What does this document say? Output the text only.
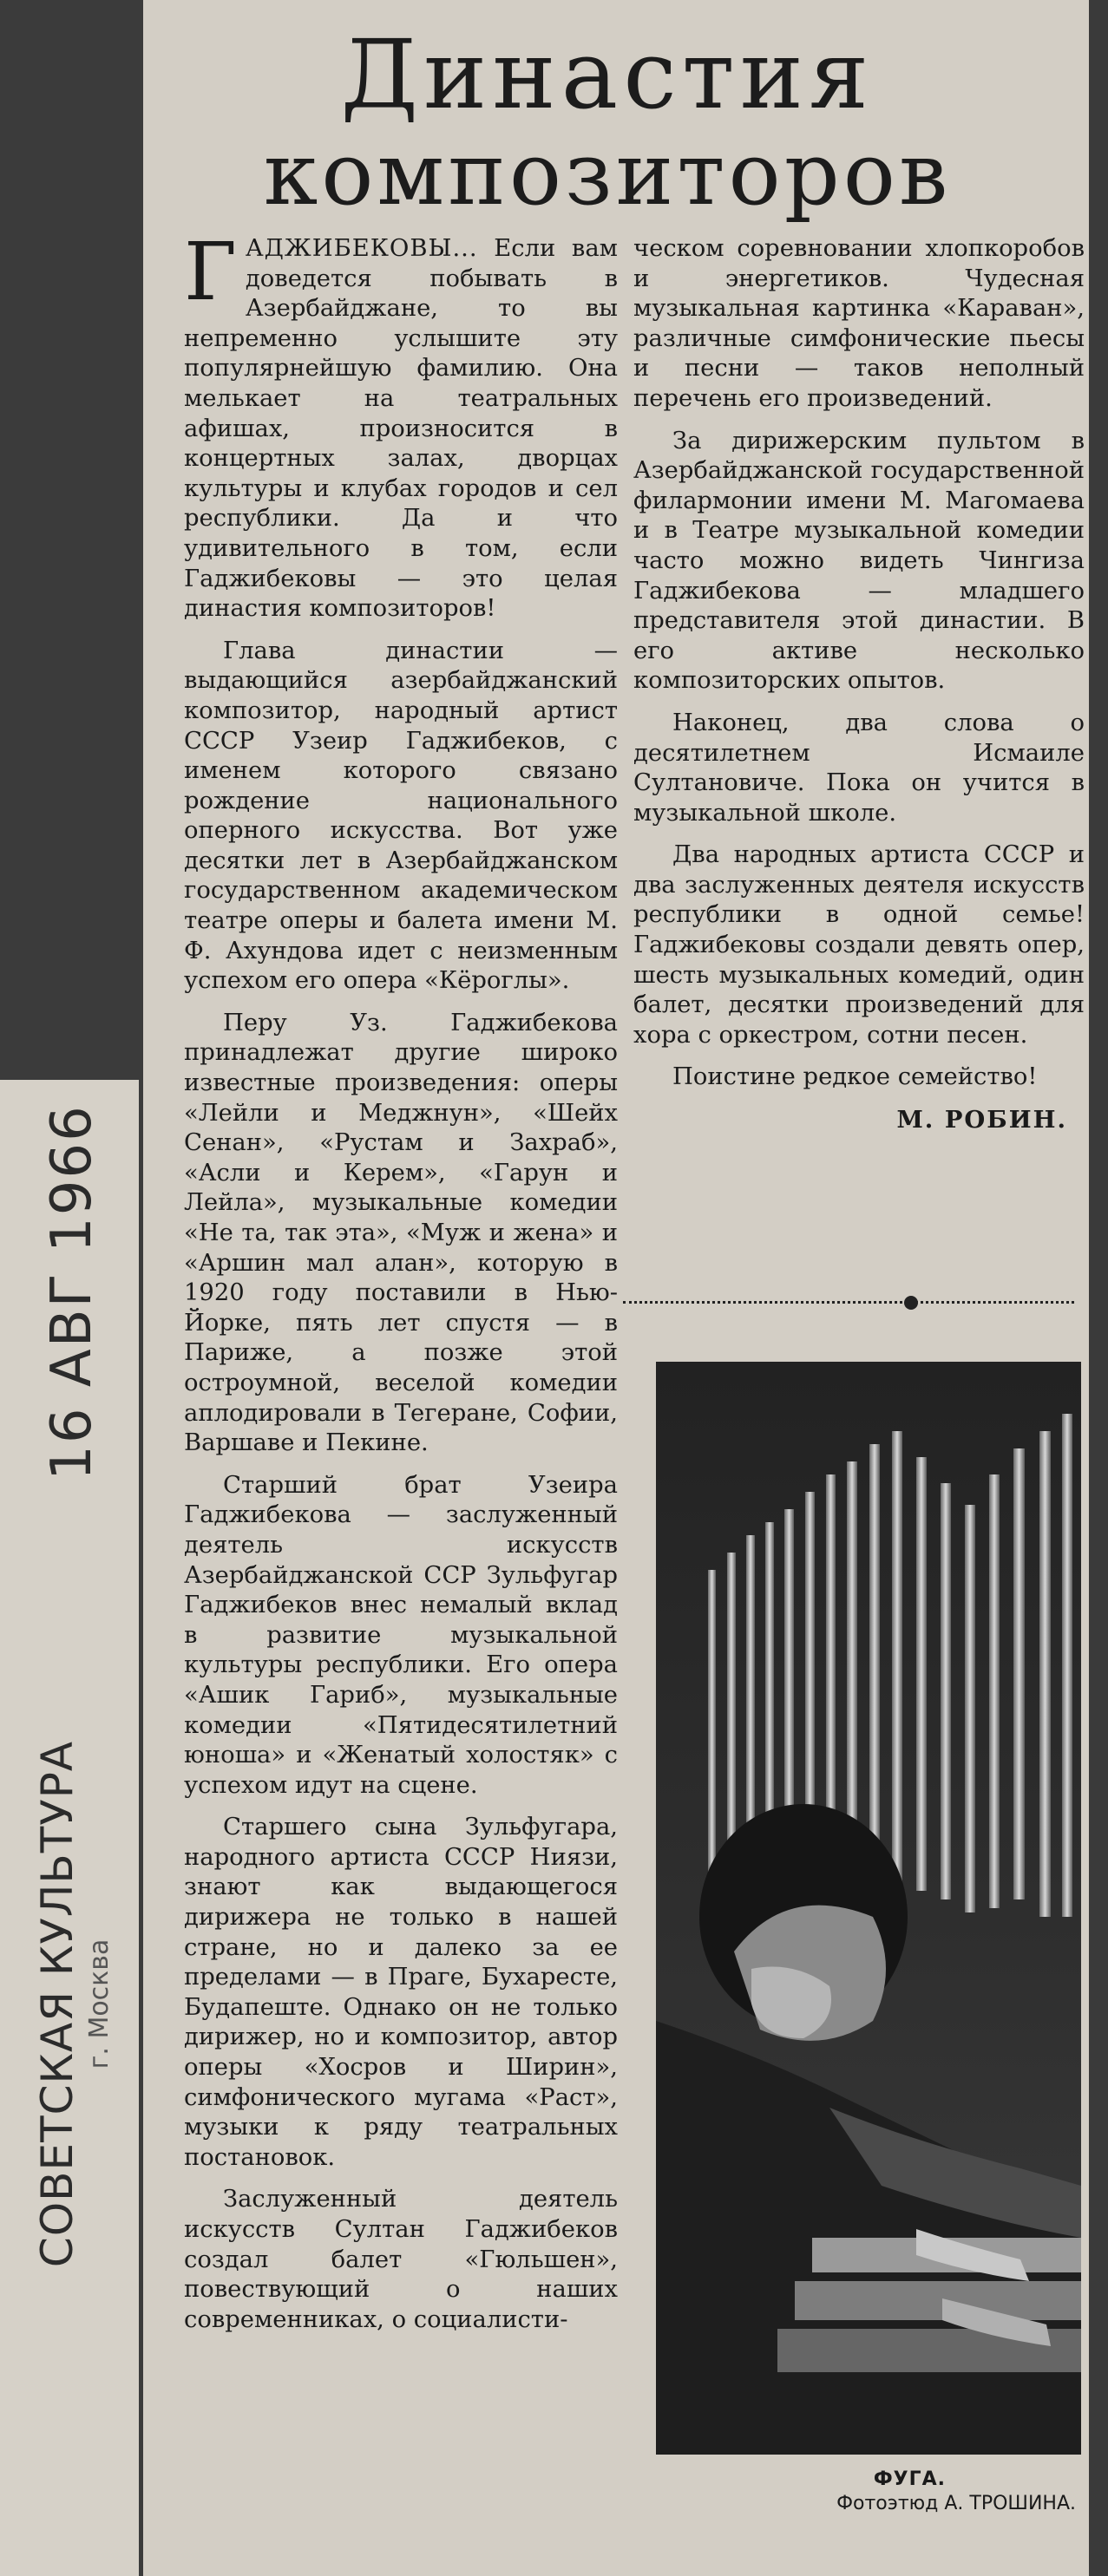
16 АВГ 1966
СОВЕТСКАЯ КУЛЬТУРА г. Москва
Династия
композиторов

ГАДЖИБЕКОВЫ... Если вам доведется побывать в Азербайджане, то вы непременно услышите эту популярнейшую фамилию. Она мелькает на театральных афишах, произносится в концертных залах, дворцах культуры и клубах городов и сел республики. Да и что удивительного в том, если Гаджибековы — это целая династия композиторов!

Глава династии — выдающийся азербайджанский композитор, народный артист СССР Узеир Гаджибеков, с именем которого связано рождение национального оперного искусства. Вот уже десятки лет в Азербайджанском государственном академическом театре оперы и балета имени М. Ф. Ахундова идет с неизменным успехом его опера «Кёроглы».

Перу Уз. Гаджибекова принадлежат другие широко известные произведения: оперы «Лейли и Меджнун», «Шейх Сенан», «Рустам и Захраб», «Асли и Керем», «Гарун и Лейла», музыкальные комедии «Не та, так эта», «Муж и жена» и «Аршин мал алан», которую в 1920 году поставили в Нью-Йорке, пять лет спустя — в Париже, а позже этой остроумной, веселой комедии аплодировали в Тегеране, Софии, Варшаве и Пекине.

Старший брат Узеира Гаджибекова — заслуженный деятель искусств Азербайджанской ССР Зульфугар Гаджибеков внес немалый вклад в развитие музыкальной культуры республики. Его опера «Ашик Гариб», музыкальные комедии «Пятидесятилетний юноша» и «Женатый холостяк» с успехом идут на сцене.

Старшего сына Зульфугара, народного артиста СССР Ниязи, знают как выдающегося дирижера не только в нашей стране, но и далеко за ее пределами — в Праге, Бухаресте, Будапеште. Однако он не только дирижер, но и композитор, автор оперы «Хосров и Ширин», симфонического мугама «Раст», музыки к ряду театральных постановок.

Заслуженный деятель искусств Султан Гаджибеков создал балет «Гюльшен», повествующий о наших современниках, о социалисти-

ческом соревновании хлопкоробов и энергетиков. Чудесная музыкальная картинка «Караван», различные симфонические пьесы и песни — таков неполный перечень его произведений.

За дирижерским пультом в Азербайджанской государственной филармонии имени М. Магомаева и в Театре музыкальной комедии часто можно видеть Чингиза Гаджибекова — младшего представителя этой династии. В его активе несколько композиторских опытов.

Наконец, два слова о десятилетнем Исмаиле Султановиче. Пока он учится в музыкальной школе.

Два народных артиста СССР и два заслуженных деятеля искусств республики в одной семье! Гаджибековы создали девять опер, шесть музыкальных комедий, один балет, десятки произведений для хора с оркестром, сотни песен.

Поистине редкое семейство!

М. РОБИН.
ФУГА.
Фотоэтюд А. ТРОШИНА.
